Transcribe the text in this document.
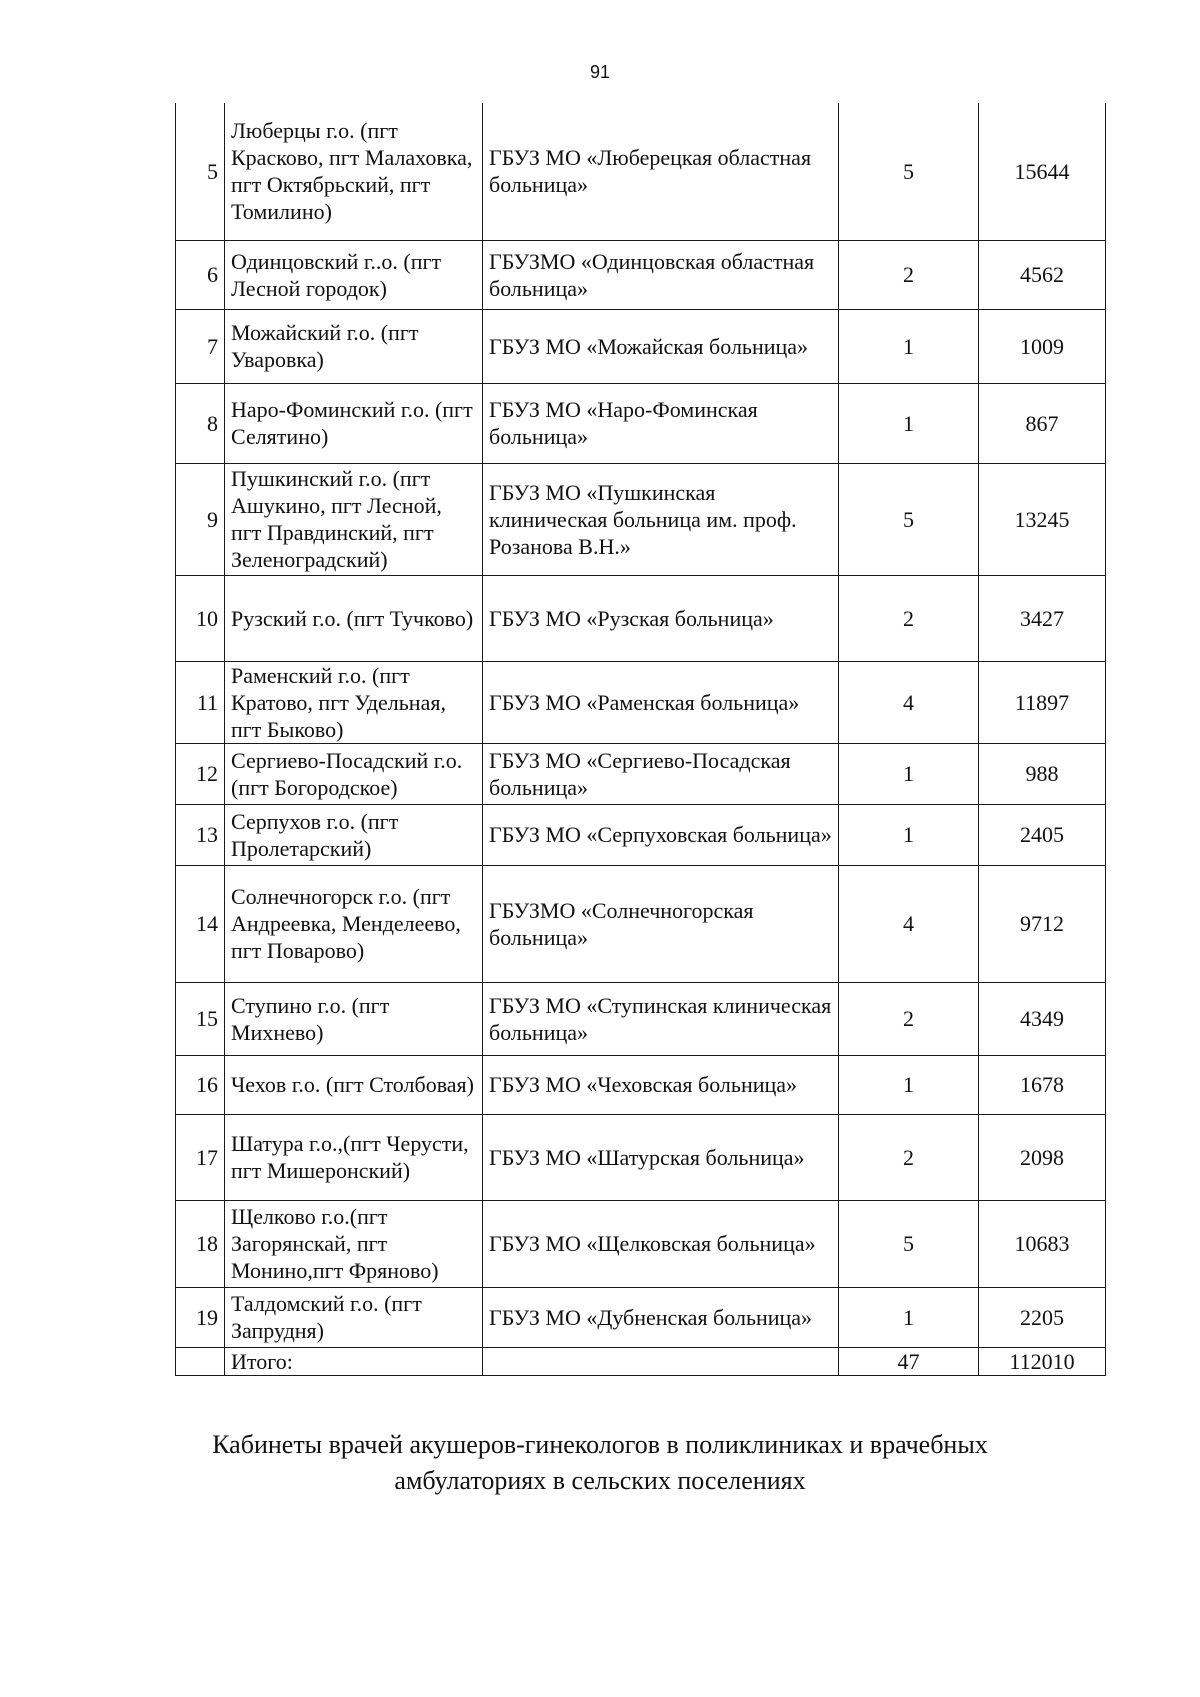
91
5	Люберцы г.о. (пгт Красково, пгт Малаховка, пгт Октябрьский, пгт Томилино)	ГБУЗ МО «Люберецкая областная больница»	5	15644
6	Одинцовский г..о. (пгт Лесной городок)	ГБУЗМО «Одинцовская областная больница»	2	4562
7	Можайский г.о. (пгт Уваровка)	ГБУЗ МО «Можайская больница»	1	1009
8	Наро-Фоминский г.о. (пгт Селятино)	ГБУЗ МО «Наро-Фоминская больница»	1	867
9	Пушкинский г.о. (пгт Ашукино, пгт Лесной, пгт Правдинский, пгт Зеленоградский)	ГБУЗ МО «Пушкинская клиническая больница им. проф. Розанова В.Н.»	5	13245
10	Рузский г.о. (пгт Тучково)	ГБУЗ МО «Рузская больница»	2	3427
11	Раменский г.о. (пгт Кратово, пгт Удельная, пгт Быково)	ГБУЗ МО «Раменская больница»	4	11897
12	Сергиево-Посадский г.о. (пгт Богородское)	ГБУЗ МО «Сергиево-Посадская больница»	1	988
13	Серпухов г.о. (пгт Пролетарский)	ГБУЗ МО «Серпуховская больница»	1	2405
14	Солнечногорск г.о. (пгт Андреевка, Менделеево, пгт Поварово)	ГБУЗМО «Солнечногорская больница»	4	9712
15	Ступино г.о. (пгт Михнево)	ГБУЗ МО «Ступинская клиническая больница»	2	4349
16	Чехов г.о. (пгт Столбовая)	ГБУЗ МО «Чеховская больница»	1	1678
17	Шатура г.о.,(пгт Черусти, пгт Мишеронский)	ГБУЗ МО «Шатурская больница»	2	2098
18	Щелково г.о.(пгт Загорянскай, пгт Монино,пгт Фряново)	ГБУЗ МО «Щелковская больница»	5	10683
19	Талдомский г.о. (пгт Запрудня)	ГБУЗ МО «Дубненская больница»	1	2205
	Итого:		47	112010
Кабинеты врачей акушеров-гинекологов в поликлиниках и врачебных
амбулаториях в сельских поселениях
